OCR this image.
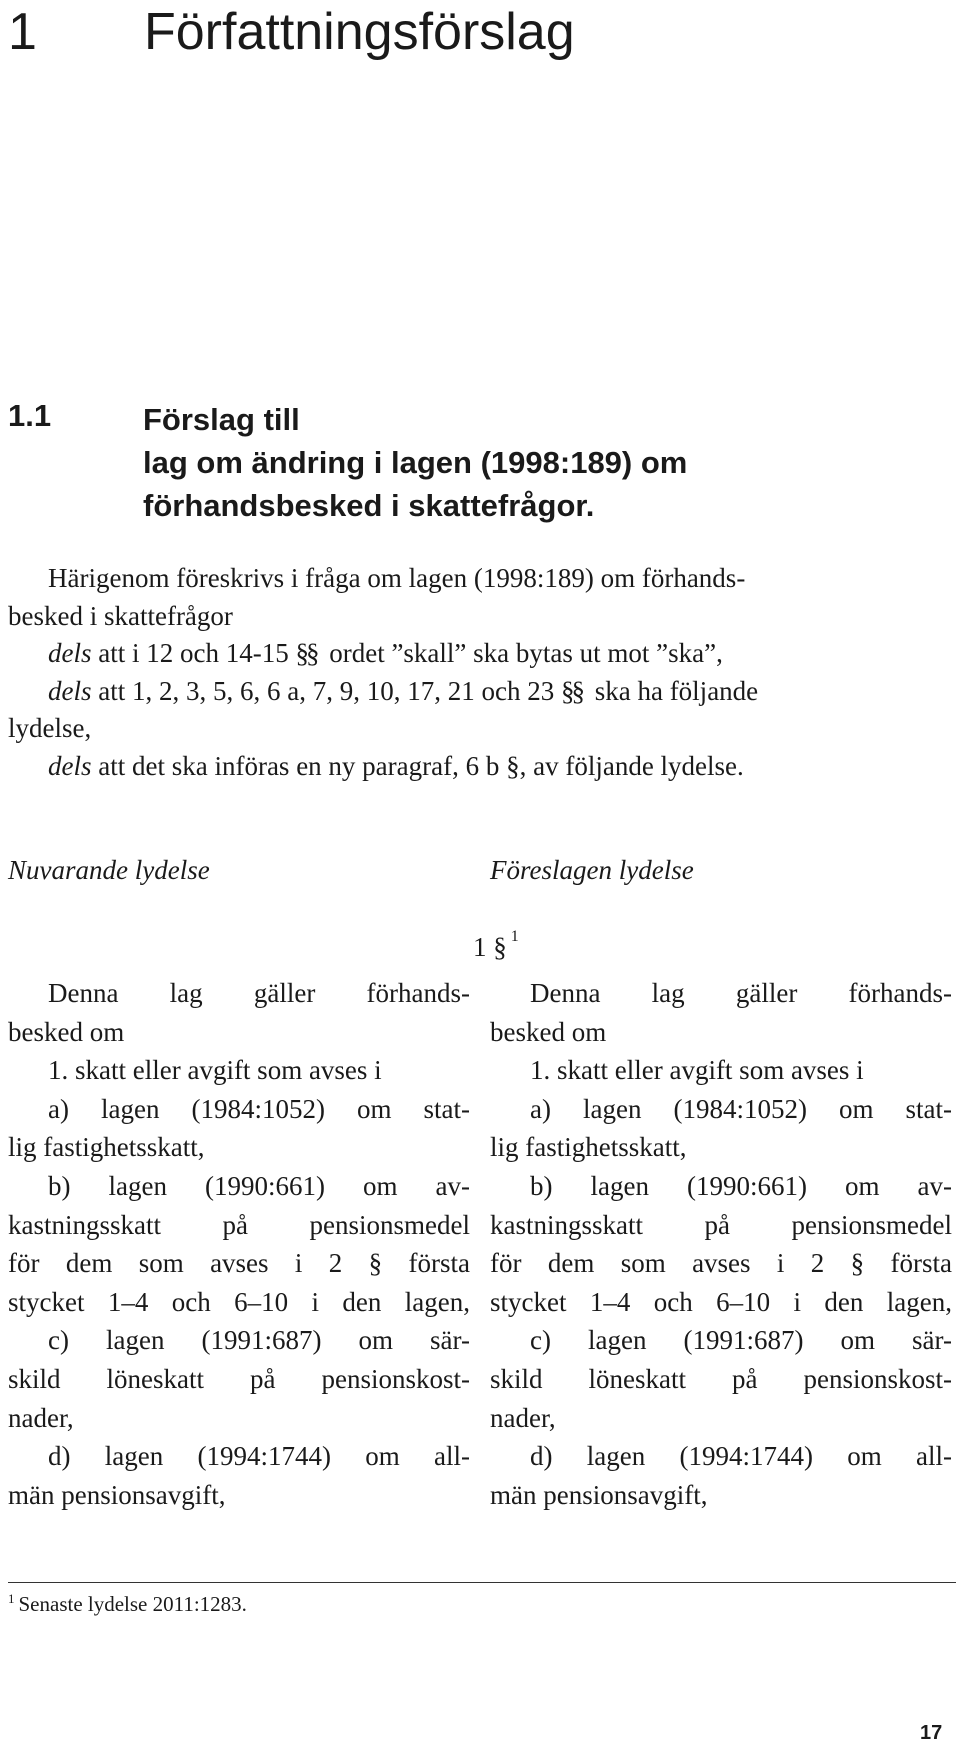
1 Författningsförslag
1.1	Förslag till
lag om ändring i lagen (1998:189) om
förhandsbesked i skattefrågor.
Härigenom föreskrivs i fråga om lagen (1998:189) om förhands-
besked i skattefrågor
dels att i 12 och 14-15 §§ ordet ”skall” ska bytas ut mot ”ska”,
dels att 1, 2, 3, 5, 6, 6 a, 7, 9, 10, 17, 21 och 23 §§ ska ha följande
lydelse,
dels att det ska införas en ny paragraf, 6 b §, av följande lydelse.
Nuvarande lydelse	Föreslagen lydelse
1 § $^1$
Denna lag gäller förhands-
besked om
1. skatt eller avgift som avses i
a) lagen (1984:1052) om stat-
lig fastighetsskatt,
b) lagen (1990:661) om av-
kastningsskatt på pensionsmedel
för dem som avses i 2 § första
stycket 1–4 och 6–10 i den lagen,
c) lagen (1991:687) om sär-
skild löneskatt på pensionskost-
nader,
d) lagen (1994:1744) om all-
män pensionsavgift,
Denna lag gäller förhands-
besked om
1. skatt eller avgift som avses i
a) lagen (1984:1052) om stat-
lig fastighetsskatt,
b) lagen (1990:661) om av-
kastningsskatt på pensionsmedel
för dem som avses i 2 § första
stycket 1–4 och 6–10 i den lagen,
c) lagen (1991:687) om sär-
skild löneskatt på pensionskost-
nader,
d) lagen (1994:1744) om all-
män pensionsavgift,
$^1$ Senaste lydelse 2011:1283.
17
